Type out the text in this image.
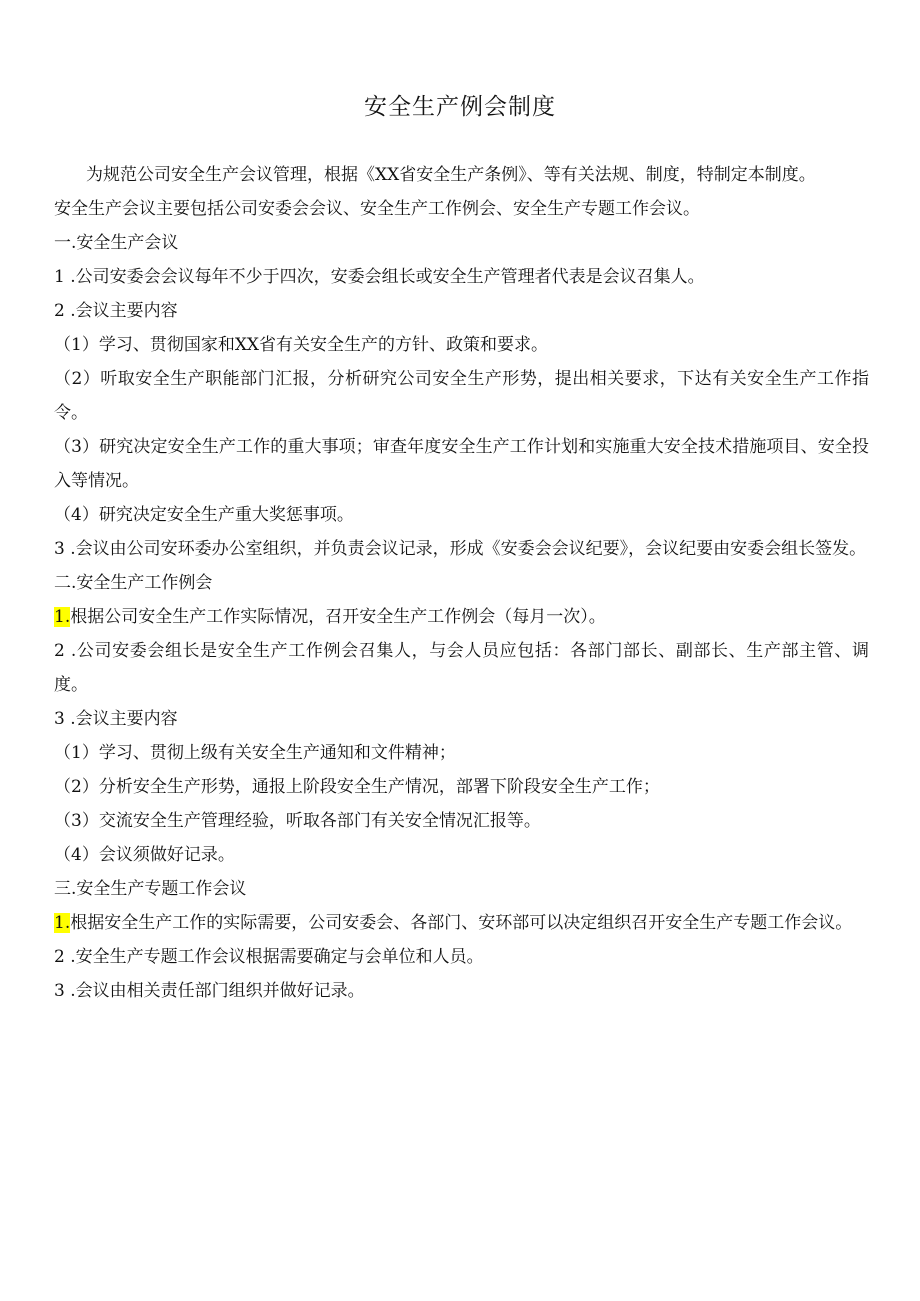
安全生产例会制度

为规范公司安全生产会议管理，根据《XX省安全生产条例》、等有关法规、制度，特制定本制度。

安全生产会议主要包括公司安委会会议、安全生产工作例会、安全生产专题工作会议。

一.安全生产会议

1 .公司安委会会议每年不少于四次，安委会组长或安全生产管理者代表是会议召集人。

2 .会议主要内容

（1）学习、贯彻国家和XX省有关安全生产的方针、政策和要求。

（2）听取安全生产职能部门汇报，分析研究公司安全生产形势，提出相关要求，下达有关安全生产工作指令。

（3）研究决定安全生产工作的重大事项；审查年度安全生产工作计划和实施重大安全技术措施项目、安全投入等情况。

（4）研究决定安全生产重大奖惩事项。

3 .会议由公司安环委办公室组织，并负责会议记录，形成《安委会会议纪要》，会议纪要由安委会组长签发。

二.安全生产工作例会

1.根据公司安全生产工作实际情况，召开安全生产工作例会（每月一次）。

2 .公司安委会组长是安全生产工作例会召集人，与会人员应包括：各部门部长、副部长、生产部主管、调度。

3 .会议主要内容

（1）学习、贯彻上级有关安全生产通知和文件精神；

（2）分析安全生产形势，通报上阶段安全生产情况，部署下阶段安全生产工作；

（3）交流安全生产管理经验，听取各部门有关安全情况汇报等。

（4）会议须做好记录。

三.安全生产专题工作会议

1.根据安全生产工作的实际需要，公司安委会、各部门、安环部可以决定组织召开安全生产专题工作会议。

2 .安全生产专题工作会议根据需要确定与会单位和人员。

3 .会议由相关责任部门组织并做好记录。
